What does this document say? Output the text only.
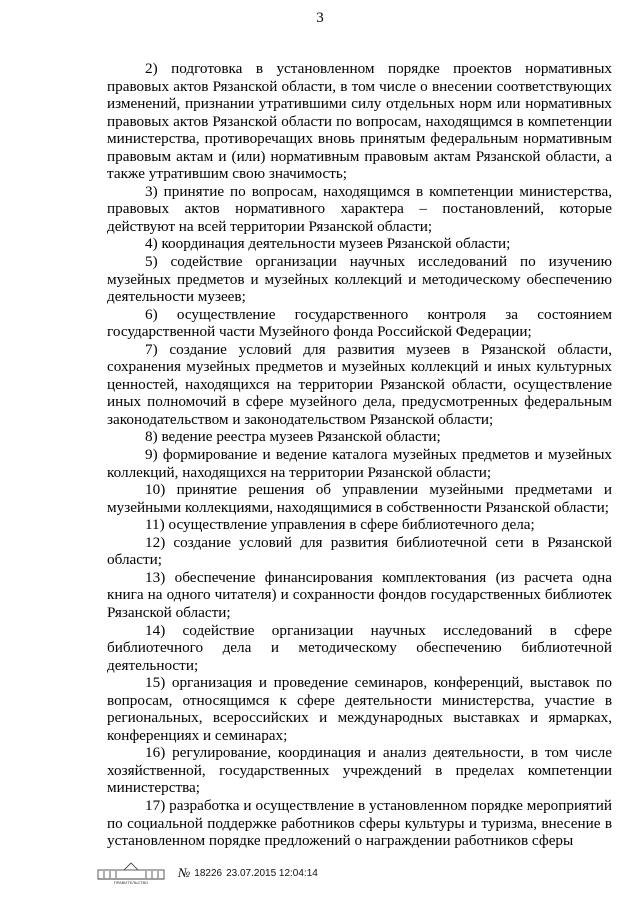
3

2) подготовка в установленном порядке проектов нормативных правовых актов Рязанской области, в том числе о внесении соответствующих изменений, признании утратившими силу отдельных норм или нормативных правовых актов Рязанской области по вопросам, находящимся в компетенции министерства, противоречащих вновь принятым федеральным нормативным правовым актам и (или) нормативным правовым актам Рязанской области, а также утратившим свою значимость;

3) принятие по вопросам, находящимся в компетенции министерства, правовых актов нормативного характера – постановлений, которые действуют на всей территории Рязанской области;

4) координация деятельности музеев Рязанской области;

5) содействие организации научных исследований по изучению музейных предметов и музейных коллекций и методическому обеспечению деятельности музеев;

6) осуществление государственного контроля за состоянием государственной части Музейного фонда Российской Федерации;

7) создание условий для развития музеев в Рязанской области, сохранения музейных предметов и музейных коллекций и иных культурных ценностей, находящихся на территории Рязанской области, осуществление иных полномочий в сфере музейного дела, предусмотренных федеральным законодательством и законодательством Рязанской области;

8) ведение реестра музеев Рязанской области;

9) формирование и ведение каталога музейных предметов и музейных коллекций, находящихся на территории Рязанской области;

10) принятие решения об управлении музейными предметами и музейными коллекциями, находящимися в собственности Рязанской области;

11) осуществление управления в сфере библиотечного дела;

12) создание условий для развития библиотечной сети в Рязанской области;

13) обеспечение финансирования комплектования (из расчета одна книга на одного читателя) и сохранности фондов государственных библиотек Рязанской области;

14) содействие организации научных исследований в сфере библиотечного дела и методическому обеспечению библиотечной деятельности;

15) организация и проведение семинаров, конференций, выставок по вопросам, относящимся к сфере деятельности министерства, участие в региональных, всероссийских и международных выставках и ярмарках, конференциях и семинарах;

16) регулирование, координация и анализ деятельности, в том числе хозяйственной, государственных учреждений в пределах компетенции министерства;

17) разработка и осуществление в установленном порядке мероприятий по социальной поддержке работников сферы культуры и туризма, внесение в установленном порядке предложений о награждении работников сферы

ПРАВИТЕЛЬСТВО
№ 18226 23.07.2015 12:04:14
